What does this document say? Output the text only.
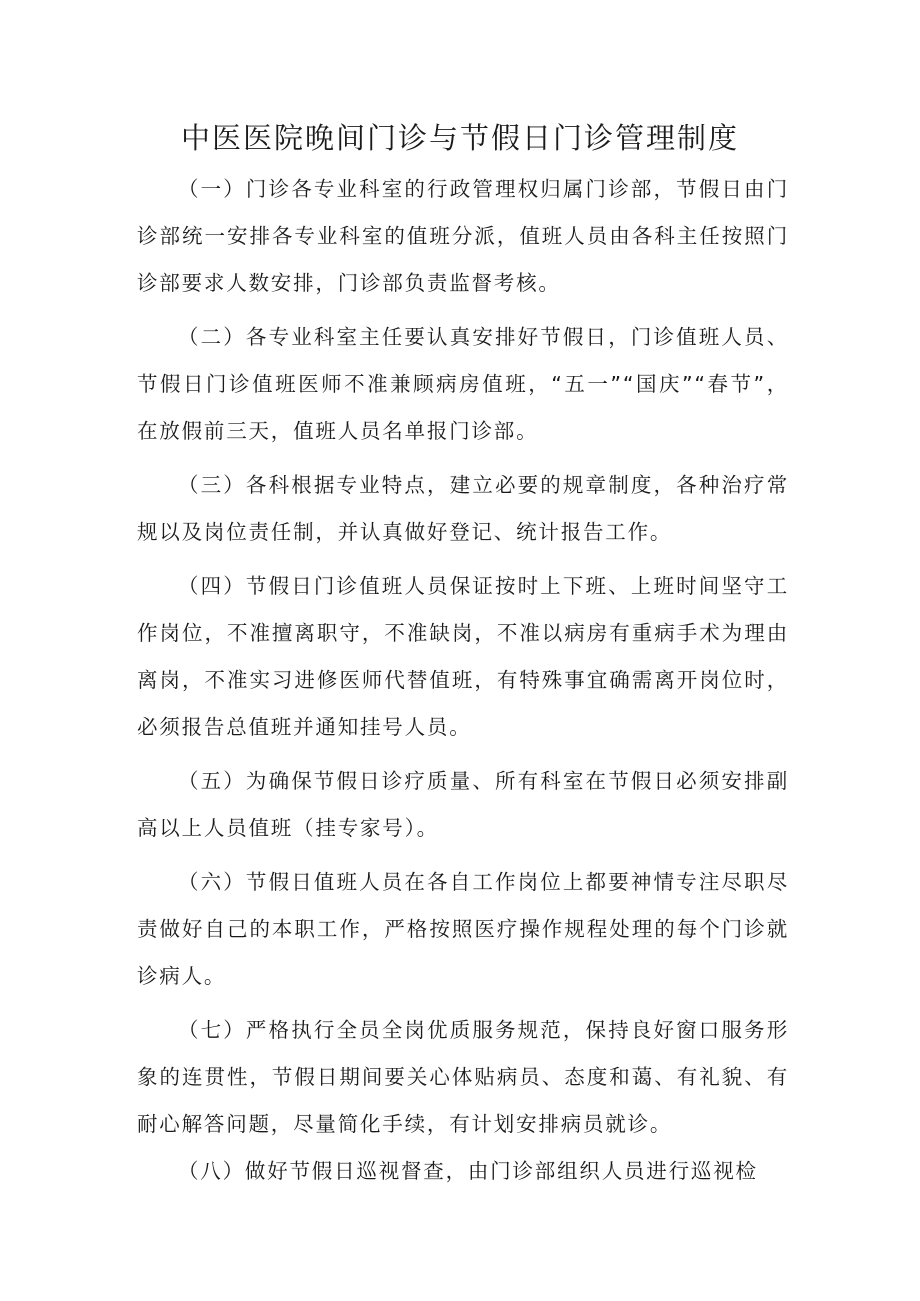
中医医院晚间门诊与节假日门诊管理制度

（一）门诊各专业科室的行政管理权归属门诊部，节假日由门诊部统一安排各专业科室的值班分派，值班人员由各科主任按照门诊部要求人数安排，门诊部负责监督考核。

（二）各专业科室主任要认真安排好节假日，门诊值班人员、节假日门诊值班医师不准兼顾病房值班，“五一”“国庆”“春节”，在放假前三天，值班人员名单报门诊部。

（三）各科根据专业特点，建立必要的规章制度，各种治疗常规以及岗位责任制，并认真做好登记、统计报告工作。

（四）节假日门诊值班人员保证按时上下班、上班时间坚守工作岗位，不准擅离职守，不准缺岗，不准以病房有重病手术为理由离岗，不准实习进修医师代替值班，有特殊事宜确需离开岗位时，必须报告总值班并通知挂号人员。

（五）为确保节假日诊疗质量、所有科室在节假日必须安排副高以上人员值班（挂专家号）。

（六）节假日值班人员在各自工作岗位上都要神情专注尽职尽责做好自己的本职工作，严格按照医疗操作规程处理的每个门诊就诊病人。

（七）严格执行全员全岗优质服务规范，保持良好窗口服务形象的连贯性，节假日期间要关心体贴病员、态度和蔼、有礼貌、有耐心解答问题，尽量简化手续，有计划安排病员就诊。

（八）做好节假日巡视督查，由门诊部组织人员进行巡视检
